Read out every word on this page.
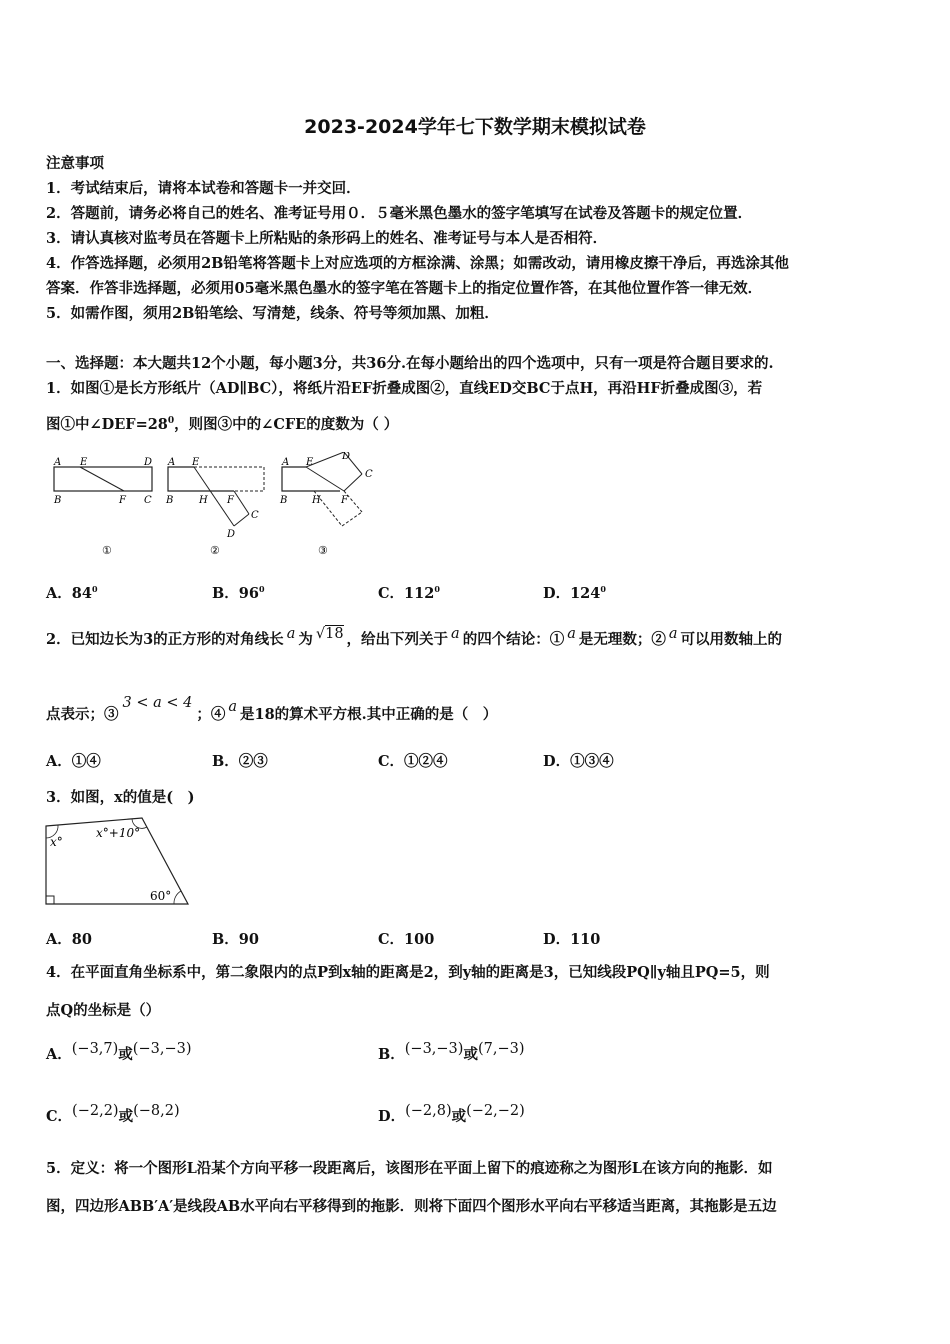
2023-2024学年七下数学期末模拟试卷
注意事项
1．考试结束后，请将本试卷和答题卡一并交回．
2．答题前，请务必将自己的姓名、准考证号用０．５毫米黑色墨水的签字笔填写在试卷及答题卡的规定位置．
3．请认真核对监考员在答题卡上所粘贴的条形码上的姓名、准考证号与本人是否相符．
4．作答选择题，必须用2B铅笔将答题卡上对应选项的方框涂满、涂黑；如需改动，请用橡皮擦干净后，再选涂其他
答案．作答非选择题，必须用05毫米黑色墨水的签字笔在答题卡上的指定位置作答，在其他位置作答一律无效．
5．如需作图，须用2B铅笔绘、写清楚，线条、符号等须加黑、加粗．
一、选择题：本大题共12个小题，每小题3分，共36分.在每小题给出的四个选项中，只有一项是符合题目要求的.
1．如图①是长方形纸片（AD∥BC），将纸片沿EF折叠成图②，直线ED交BC于点H，再沿HF折叠成图③，若
图①中$\angle DEF=28^0$，则图③中的∠CFE的度数为（ ）
A E	D
B	F C
①
A E
B	H F
C
D
②
A E
D
C
B H F
③
A．$84^0$	B．$96^0$	C．$112^0$	D．$124^0$
2．已知边长为3的正方形的对角线长 a 为 √18 ，给出下列关于 a 的四个结论：① a 是无理数；② a 可以用数轴上的
点表示；③3 < a < 4；④ a 是18的算术平方根.其中正确的是（　）
A．①④	B．②③	C．①②④	D．①③④
3．如图，x的值是(　)
x°
x°+10°
60°
A．80	B．90	C．100	D．110
4．在平面直角坐标系中，第二象限内的点P到x轴的距离是2，到y轴的距离是3，已知线段PQ∥y轴且PQ=5，则
点Q的坐标是（）
A．(−3,7)或(−3,−3)	B．(−3,−3)或(7,−3)
C．(−2,2)或(−8,2)	D．(−2,8)或(−2,−2)
5．定义：将一个图形L沿某个方向平移一段距离后，该图形在平面上留下的痕迹称之为图形L在该方向的拖影．如
图，四边形ABB′A′是线段AB水平向右平移得到的拖影．则将下面四个图形水平向右平移适当距离，其拖影是五边
